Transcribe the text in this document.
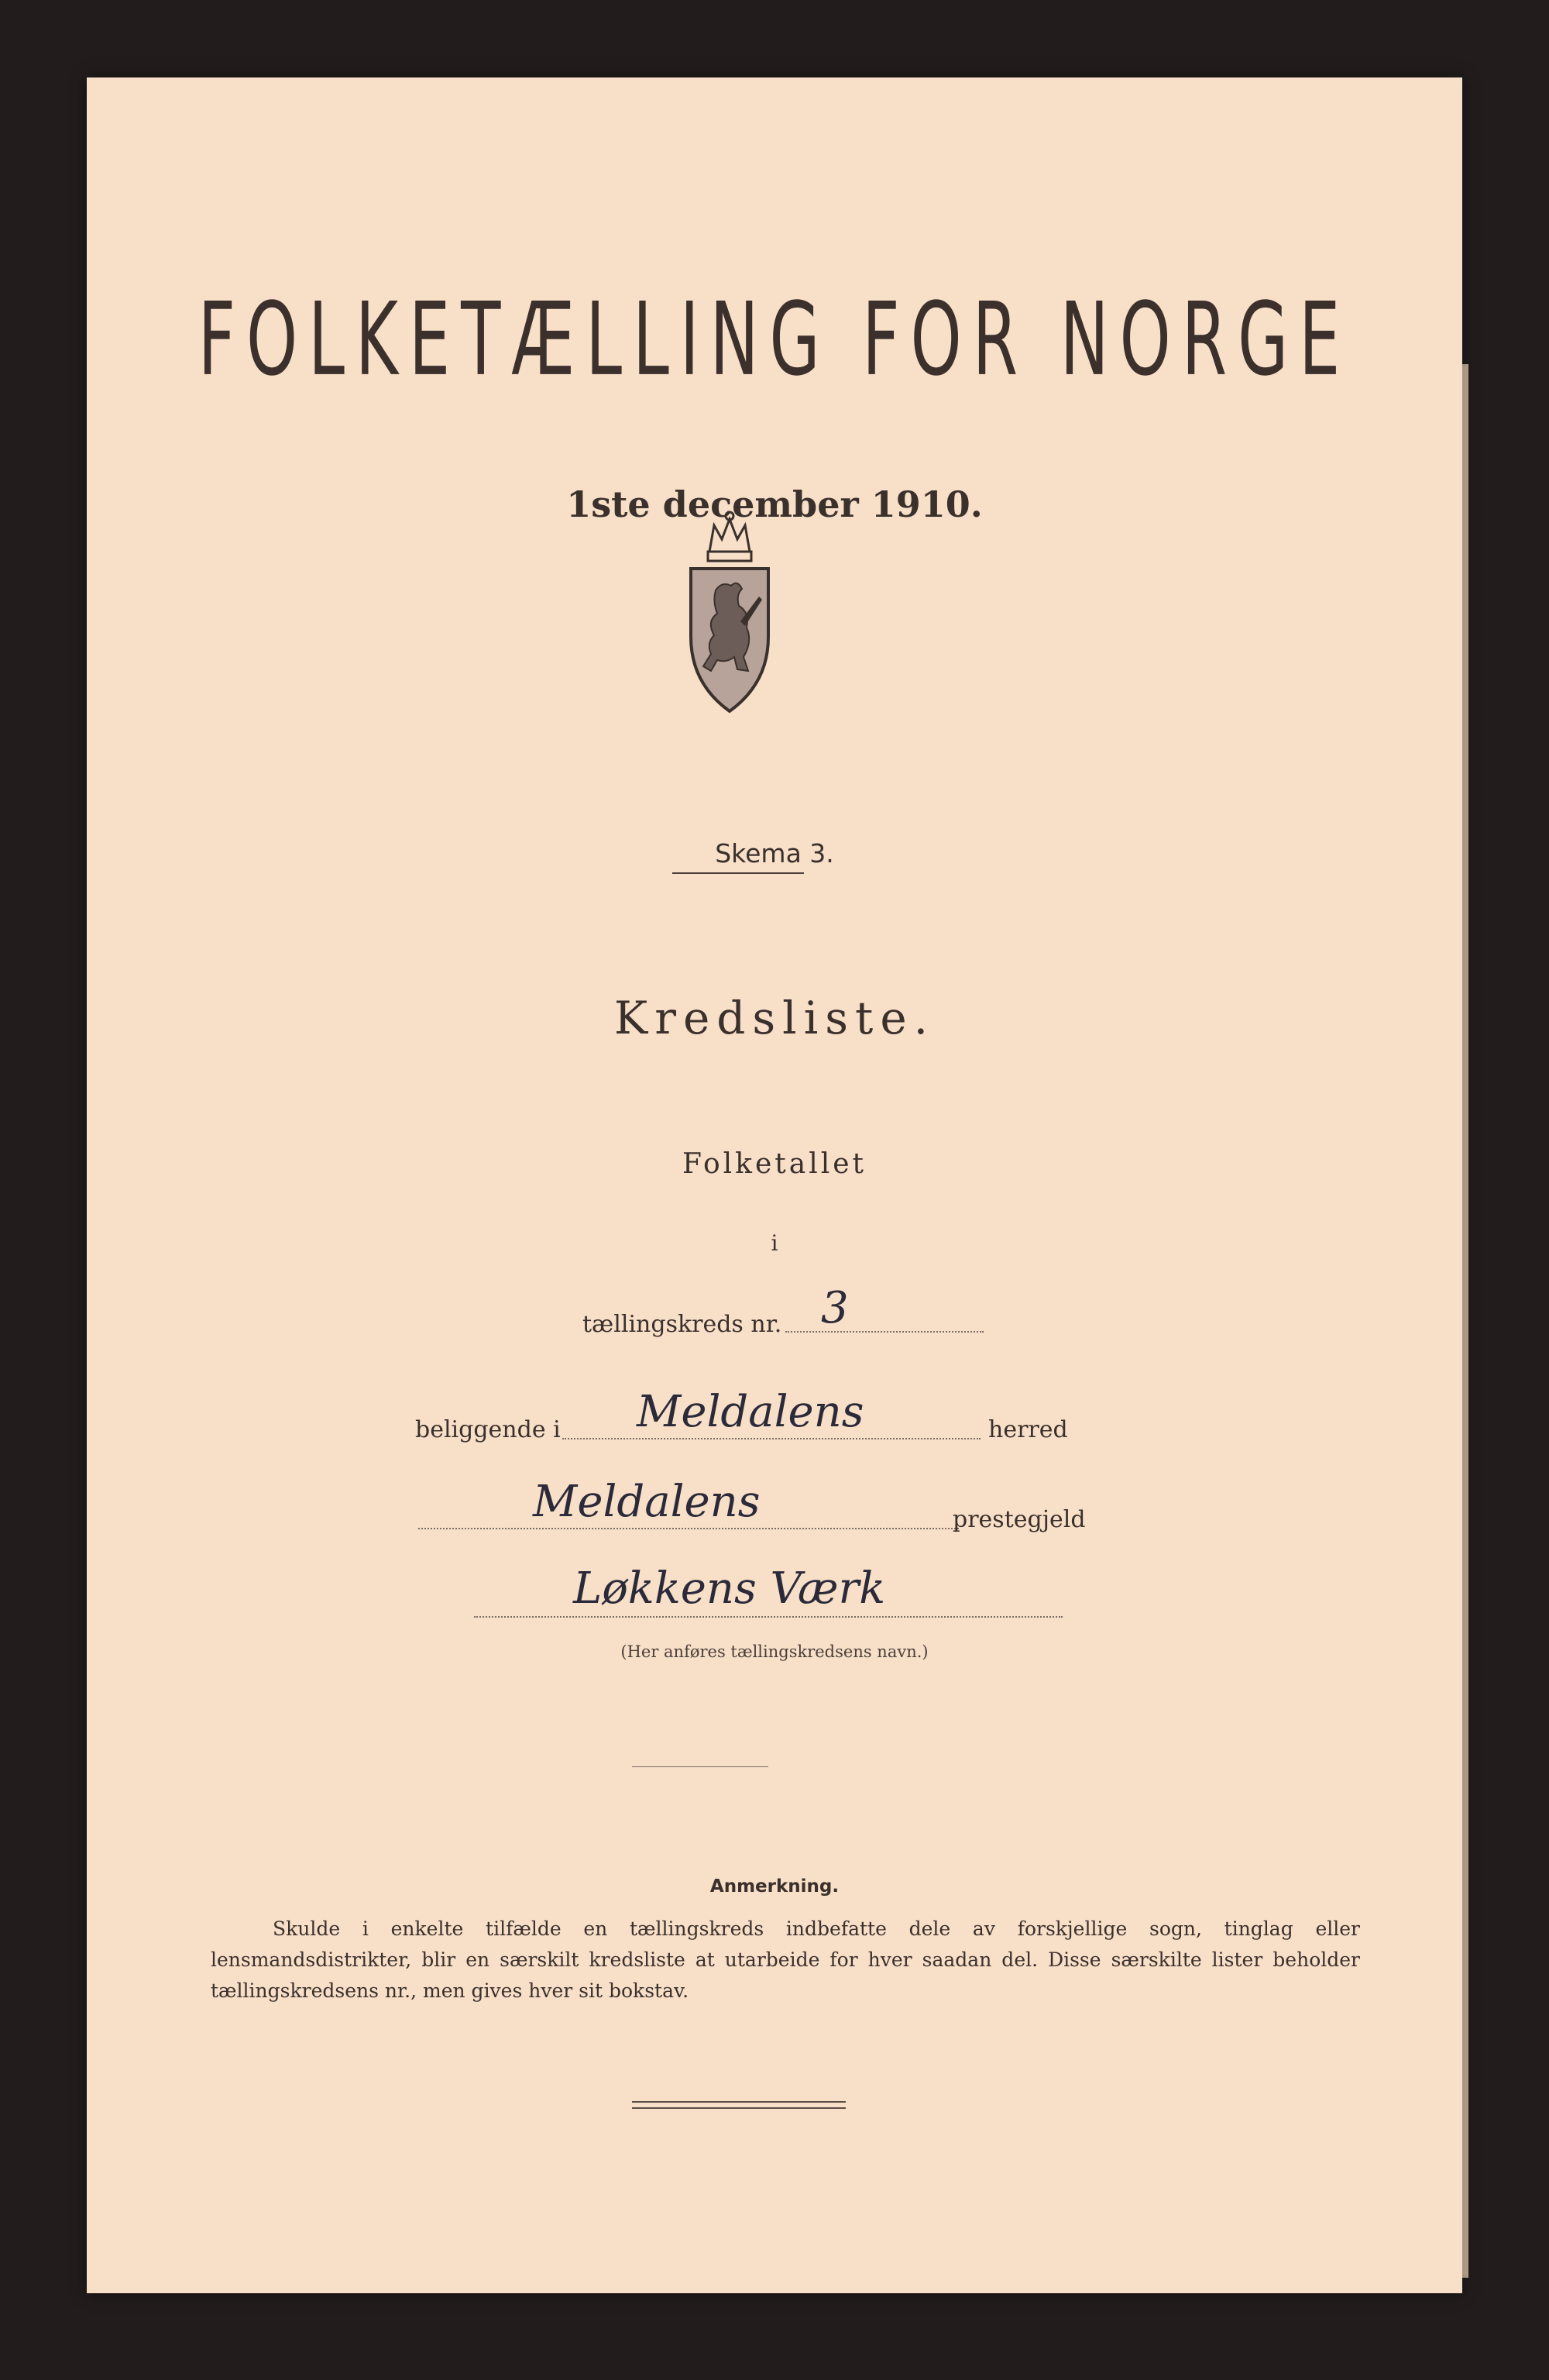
FOLKETÆLLING FOR NORGE
1ste december 1910.
Skema 3.
Kredsliste.
Folketallet
i
tællingskreds nr. 3
beliggende i Meldalens	herred
Meldalens	prestegjeld
Løkkens Værk
(Her anføres tællingskredsens navn.)
Anmerkning.
Skulde i enkelte tilfælde en tællingskreds indbefatte dele av forskjellige sogn, tinglag eller lensmandsdistrikter, blir en særskilt kredsliste at utarbeide for hver saadan del. Disse særskilte lister beholder tællingskredsens nr., men gives hver sit bokstav.
